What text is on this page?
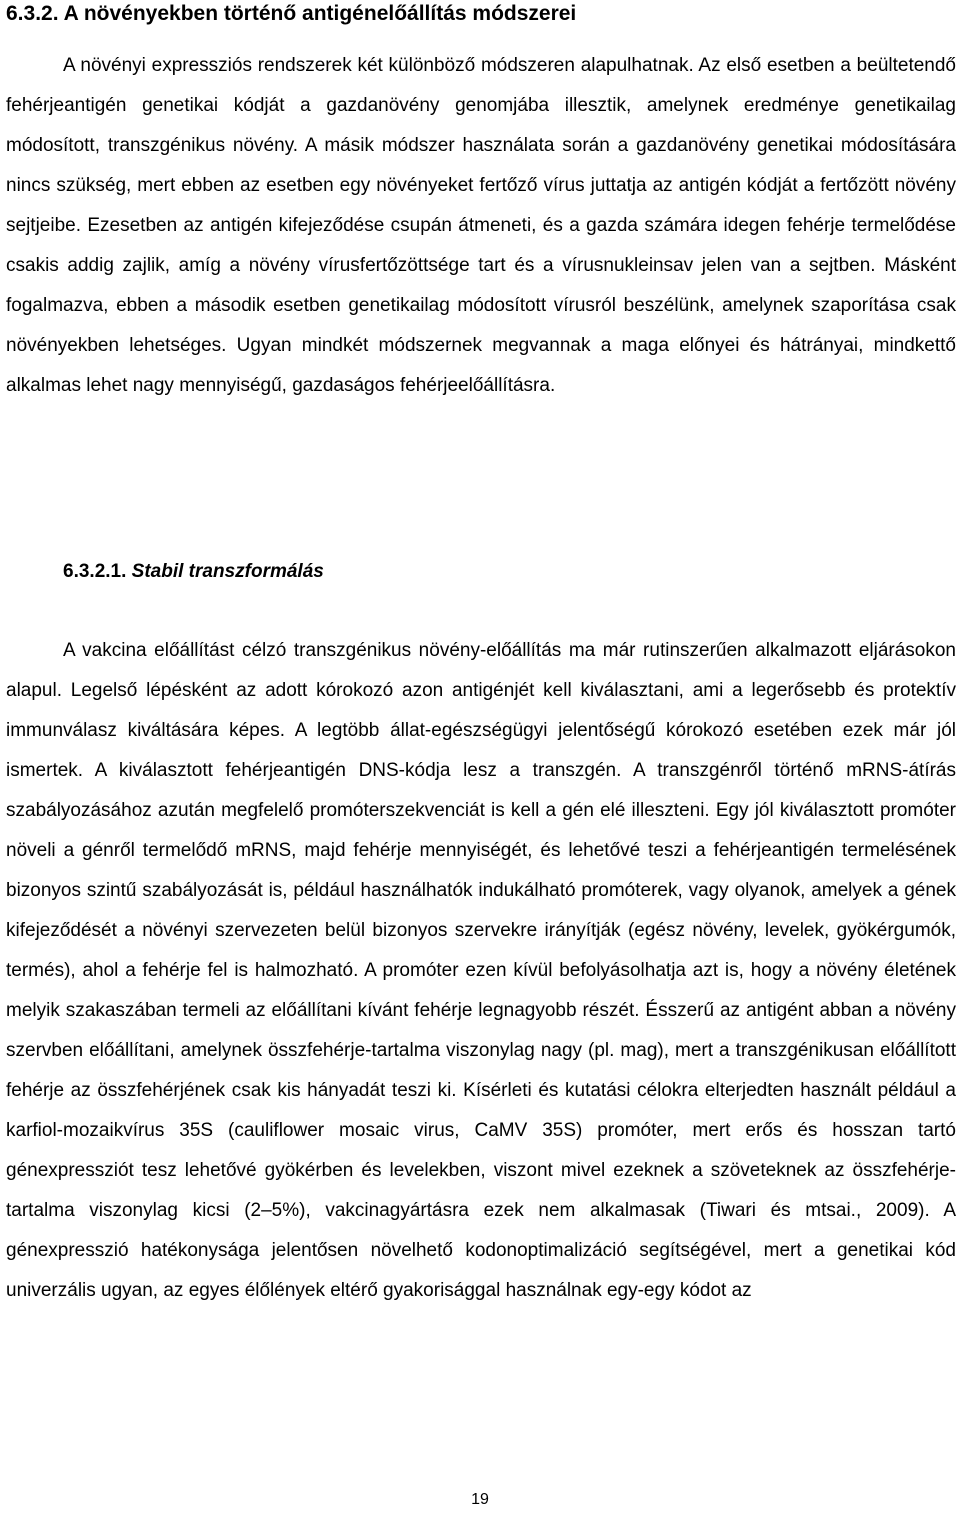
6.3.2. A növényekben történő antigénelőállítás módszerei

A növényi expressziós rendszerek két különböző módszeren alapulhatnak. Az első esetben a beültetendő fehérjeantigén genetikai kódját a gazdanövény genomjába illesztik, amelynek eredménye genetikailag módosított, transzgénikus növény. A másik módszer használata során a gazdanövény genetikai módosítására nincs szükség, mert ebben az esetben egy növényeket fertőző vírus juttatja az antigén kódját a fertőzött növény sejtjeibe. Ezesetben az antigén kifejeződése csupán átmeneti, és a gazda számára idegen fehérje termelődése csakis addig zajlik, amíg a növény vírusfertőzöttsége tart és a vírusnukleinsav jelen van a sejtben. Másként fogalmazva, ebben a második esetben genetikailag módosított vírusról beszélünk, amelynek szaporítása csak növényekben lehetséges. Ugyan mindkét módszernek megvannak a maga előnyei és hátrányai, mindkettő alkalmas lehet nagy mennyiségű, gazdaságos fehérjeelőállításra.

6.3.2.1. Stabil transzformálás

A vakcina előállítást célzó transzgénikus növény-előállítás ma már rutinszerűen alkalmazott eljárásokon alapul. Legelső lépésként az adott kórokozó azon antigénjét kell kiválasztani, ami a legerősebb és protektív immunválasz kiváltására képes. A legtöbb állat-egészségügyi jelentőségű kórokozó esetében ezek már jól ismertek. A kiválasztott fehérjeantigén DNS-kódja lesz a transzgén. A transzgénről történő mRNS-átírás szabályozásához azután megfelelő promóterszekvenciát is kell a gén elé illeszteni. Egy jól kiválasztott promóter növeli a génről termelődő mRNS, majd fehérje mennyiségét, és lehetővé teszi a fehérjeantigén termelésének bizonyos szintű szabályozását is, például használhatók indukálható promóterek, vagy olyanok, amelyek a gének kifejeződését a növényi szervezeten belül bizonyos szervekre irányítják (egész növény, levelek, gyökérgumók, termés), ahol a fehérje fel is halmozható. A promóter ezen kívül befolyásolhatja azt is, hogy a növény életének melyik szakaszában termeli az előállítani kívánt fehérje legnagyobb részét. Ésszerű az antigént abban a növény szervben előállítani, amelynek összfehérje-tartalma viszonylag nagy (pl. mag), mert a transzgénikusan előállított fehérje az összfehérjének csak kis hányadát teszi ki. Kísérleti és kutatási célokra elterjedten használt például a karfiol-mozaikvírus 35S (cauliflower mosaic virus, CaMV 35S) promóter, mert erős és hosszan tartó génexpressziót tesz lehetővé gyökérben és levelekben, viszont mivel ezeknek a szöveteknek az összfehérje-tartalma viszonylag kicsi (2–5%), vakcinagyártásra ezek nem alkalmasak (Tiwari és mtsai., 2009). A génexpresszió hatékonysága jelentősen növelhető kodonoptimalizáció segítségével, mert a genetikai kód univerzális ugyan, az egyes élőlények eltérő gyakorisággal használnak egy-egy kódot az

19
